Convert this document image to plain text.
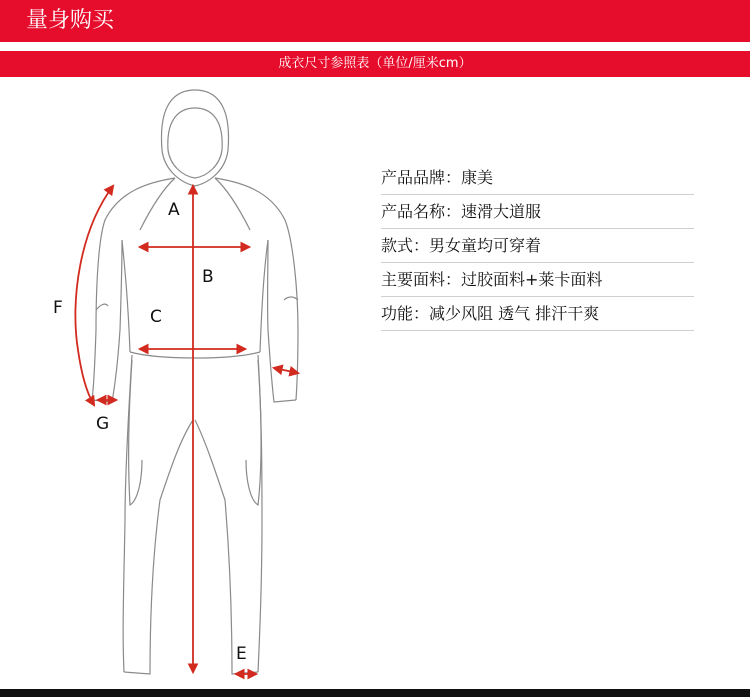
量身购买
成衣尺寸参照表（单位/厘米cm）
A
B
C
E
F
G
产品品牌：康美
产品名称：速滑大道服
款式：男女童均可穿着
主要面料：过胶面料+莱卡面料
功能：减少风阻 透气 排汗干爽
